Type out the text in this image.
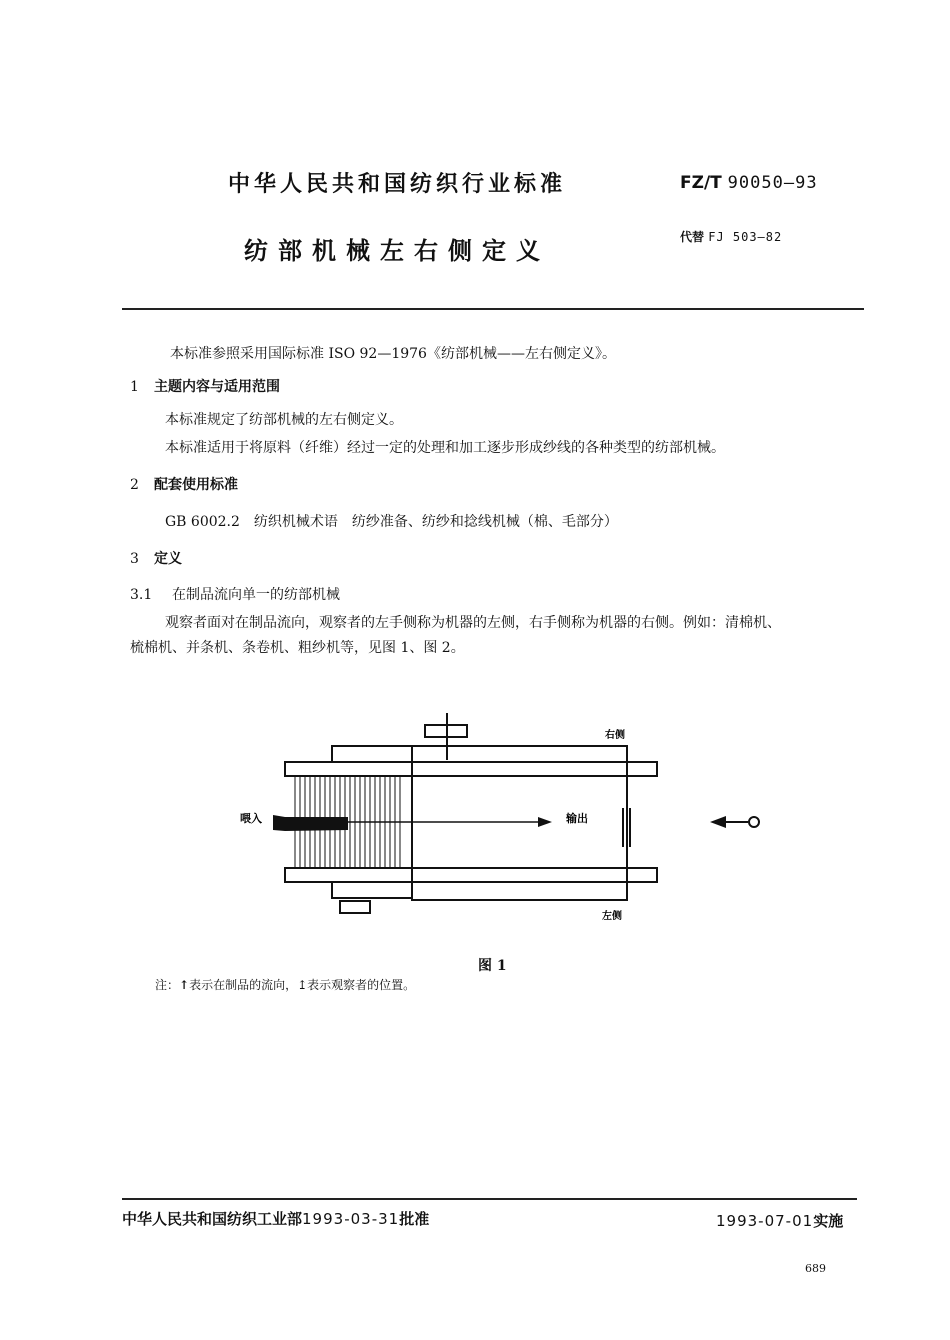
中华人民共和国纺织行业标准
纺部机械左右侧定义
FZ/T 90050—93
代替 FJ 503—82
本标准参照采用国际标准 ISO 92—1976《纺部机械——左右侧定义》。
1 主题内容与适用范围
本标准规定了纺部机械的左右侧定义。
本标准适用于将原料（纤维）经过一定的处理和加工逐步形成纱线的各种类型的纺部机械。
2 配套使用标准
GB 6002.2　纺织机械术语　纺纱准备、纺纱和捻线机械（棉、毛部分）
3 定义
3.1 在制品流向单一的纺部机械
观察者面对在制品流向，观察者的左手侧称为机器的左侧，右手侧称为机器的右侧。例如：清棉机、
梳棉机、并条机、条卷机、粗纱机等，见图 1、图 2。
喂入	输出
右侧
左侧
图 1
注：↑表示在制品的流向，↥表示观察者的位置。
中华人民共和国纺织工业部1993-03-31批准	1993-07-01实施
689
